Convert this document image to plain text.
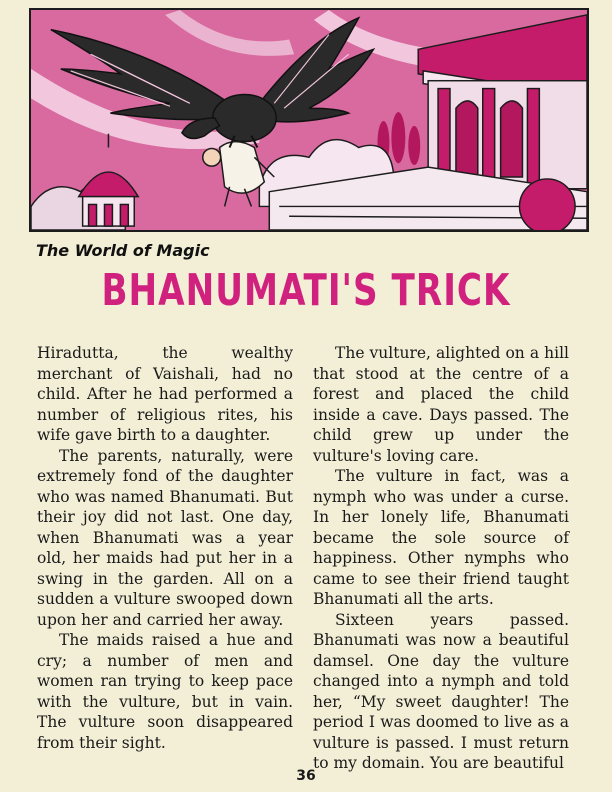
The World of Magic
BHANUMATI'S TRICK

Hiradutta, the wealthy merchant of Vaishali, had no child. After he had performed a number of religious rites, his wife gave birth to a daughter.

The parents, naturally, were extremely fond of the daughter who was named Bhanumati. But their joy did not last. One day, when Bhanumati was a year old, her maids had put her in a swing in the garden. All on a sudden a vulture swooped down upon her and carried her away.

The maids raised a hue and cry; a number of men and women ran trying to keep pace with the vulture, but in vain. The vulture soon disappeared from their sight.

The vulture, alighted on a hill that stood at the centre of a forest and placed the child inside a cave. Days passed. The child grew up under the vulture's loving care.

The vulture in fact, was a nymph who was under a curse. In her lonely life, Bhanumati became the sole source of happiness. Other nymphs who came to see their friend taught Bhanumati all the arts.

Sixteen years passed. Bhanumati was now a beautiful damsel. One day the vulture changed into a nymph and told her, “My sweet daughter! The period I was doomed to live as a vulture is passed. I must return to my domain. You are beautiful

36
